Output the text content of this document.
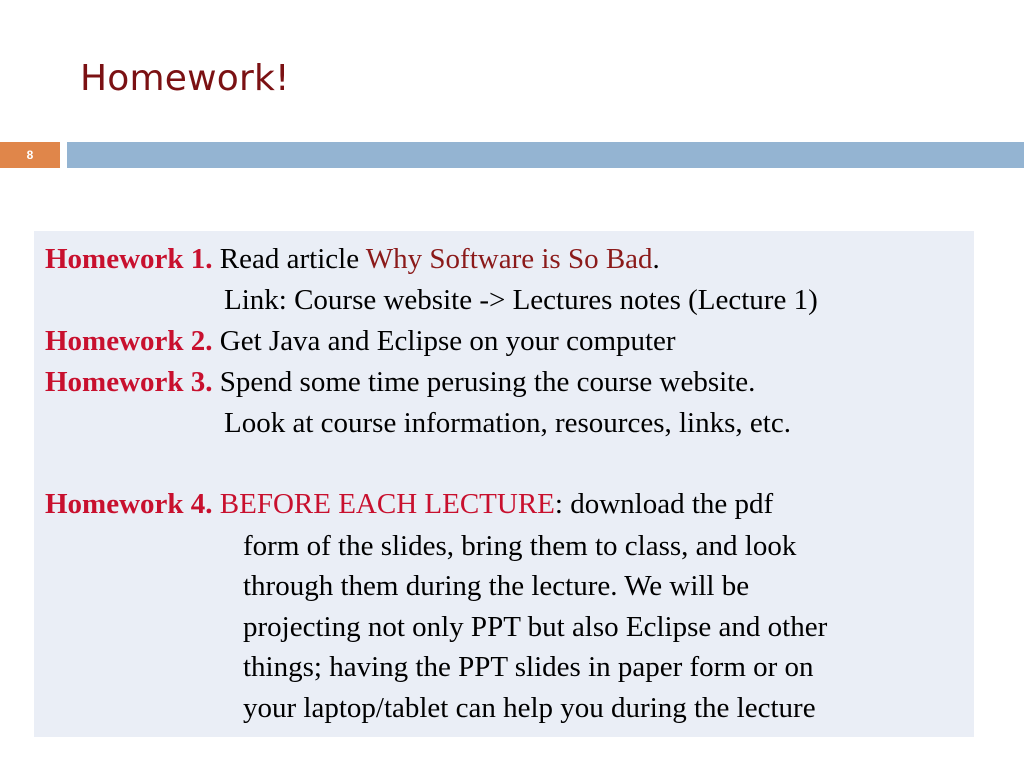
Homework!
8
Homework 1. Read article Why Software is So Bad.
Link: Course website -> Lectures notes (Lecture 1)
Homework 2. Get Java and Eclipse on your computer
Homework 3. Spend some time perusing the course website.
Look at course information, resources, links, etc.
Homework 4. BEFORE EACH LECTURE: download the pdf
form of the slides, bring them to class, and look
through them during the lecture. We will be
projecting not only PPT but also Eclipse and other
things; having the PPT slides in paper form or on
your laptop/tablet can help you during the lecture
